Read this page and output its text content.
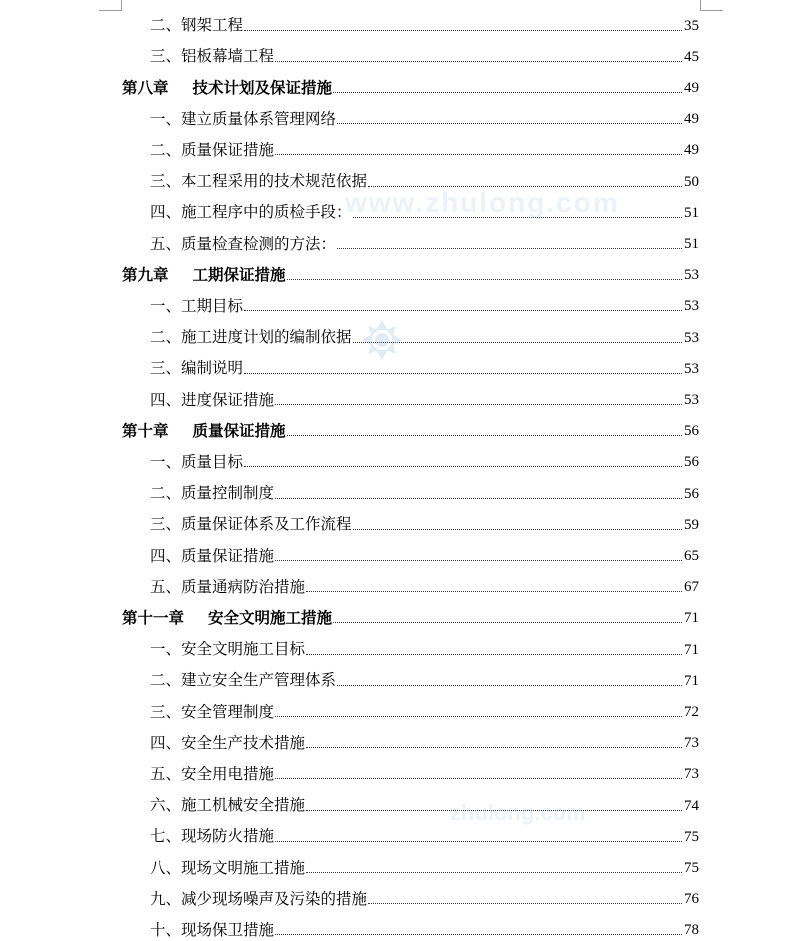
二、 钢架工程	35
三、 铝板幕墙工程	45
第八章 技术计划及保证措施	49
一、 建立质量体系管理网络	49
二、 质量保证措施	49
三、 本工程采用的技术规范依据	50
四、 施工程序中的质检手段：	51
五、 质量检查检测的方法：	51
第九章 工期保证措施	53
一、 工期目标	53
二、 施工进度计划的编制依据	53
三、 编制说明	53
四、 进度保证措施	53
第十章 质量保证措施	56
一、 质量目标	56
二、 质量控制制度	56
三、 质量保证体系及工作流程	59
四、 质量保证措施	65
五、 质量通病防治措施	67
第十一章 安全文明施工措施	71
一、 安全文明施工目标	71
二、 建立安全生产管理体系	71
三、 安全管理制度	72
四、 安全生产技术措施	73
五、 安全用电措施	73
六、 施工机械安全措施	74
七、 现场防火措施	75
八、 现场文明施工措施	75
九、 减少现场噪声及污染的措施	76
十、 现场保卫措施	78
www.zhulong.com
zhulong.com
